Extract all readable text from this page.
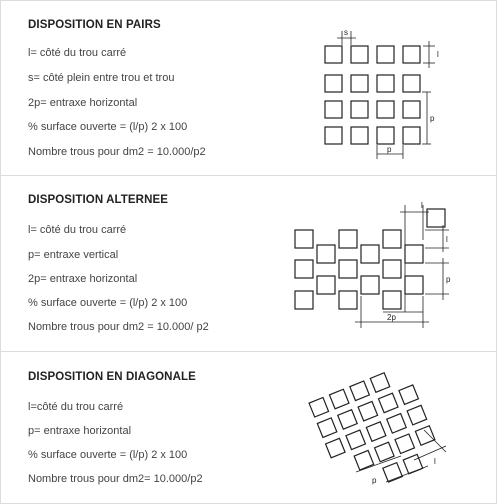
DISPOSITION EN PAIRS
l= côté du trou carré
s= côté plein entre trou et trou
2p= entraxe horizontal
% surface ouverte = (l/p) 2 x 100
Nombre trous pour dm2 = 10.000/p2
s
l
p
p
DISPOSITION ALTERNEE
l= côté du trou carré
p= entraxe vertical
2p= entraxe horizontal
% surface ouverte = (l/p) 2 x 100
Nombre trous pour dm2 = 10.000/ p2
l
l
p
2p
DISPOSITION EN DIAGONALE
l=côté du trou carré
p= entraxe horizontal
% surface ouverte = (l/p) 2 x 100
Nombre trous pour dm2= 10.000/p2	p
l
